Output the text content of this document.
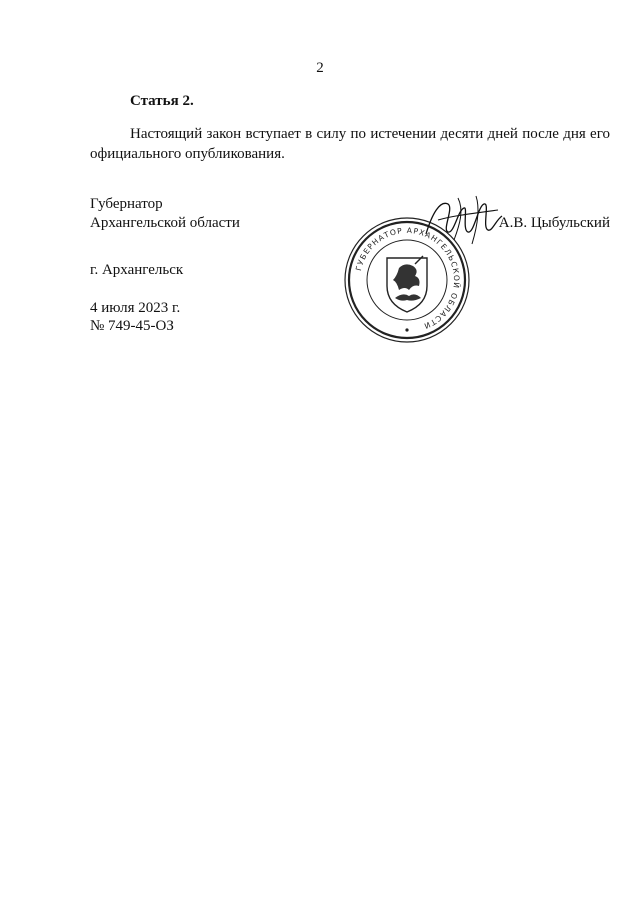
2
Статья 2.
Настоящий закон вступает в силу по истечении десяти дней после дня его
официального опубликования.
Губернатор
Архангельской области
ГУБЕРНАТОР АРХАНГЕЛЬСКОЙ ОБЛАСТИ
А.В. Цыбульский
г. Архангельск
4 июля 2023 г.
№ 749-45-ОЗ
